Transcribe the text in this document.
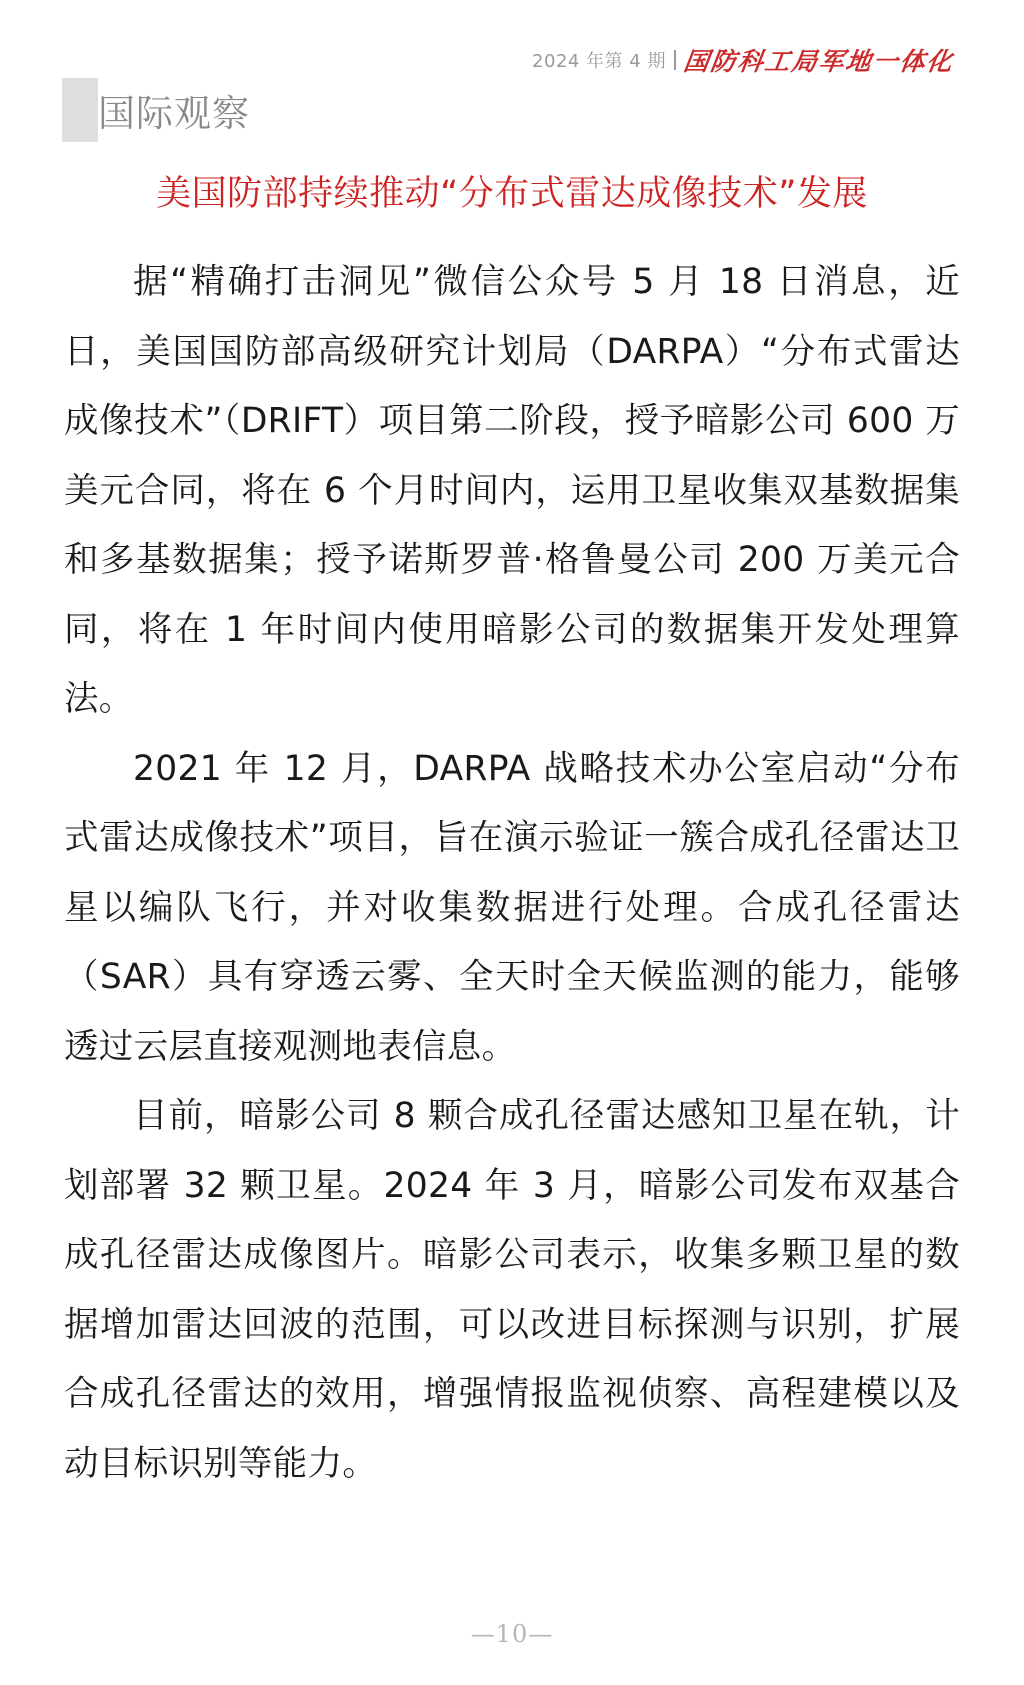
2024 年第 4 期 国防科工局军地一体化
国际观察
美国防部持续推动“分布式雷达成像技术”发展

据“精确打击洞见”微信公众号 5 月 18 日消息，近日，美国国防部高级研究计划局（DARPA）“分布式雷达成像技术”（DRIFT）项目第二阶段，授予暗影公司 600 万美元合同，将在 6 个月时间内，运用卫星收集双基数据集和多基数据集；授予诺斯罗普·格鲁曼公司 200 万美元合同，将在 1 年时间内使用暗影公司的数据集开发处理算法。

2021 年 12 月，DARPA 战略技术办公室启动“分布式雷达成像技术”项目，旨在演示验证一簇合成孔径雷达卫星以编队飞行，并对收集数据进行处理。合成孔径雷达（SAR）具有穿透云雾、全天时全天候监测的能力，能够透过云层直接观测地表信息。

目前，暗影公司 8 颗合成孔径雷达感知卫星在轨，计划部署 32 颗卫星。2024 年 3 月，暗影公司发布双基合成孔径雷达成像图片。暗影公司表示，收集多颗卫星的数据增加雷达回波的范围，可以改进目标探测与识别，扩展合成孔径雷达的效用，增强情报监视侦察、高程建模以及动目标识别等能力。

—10—
